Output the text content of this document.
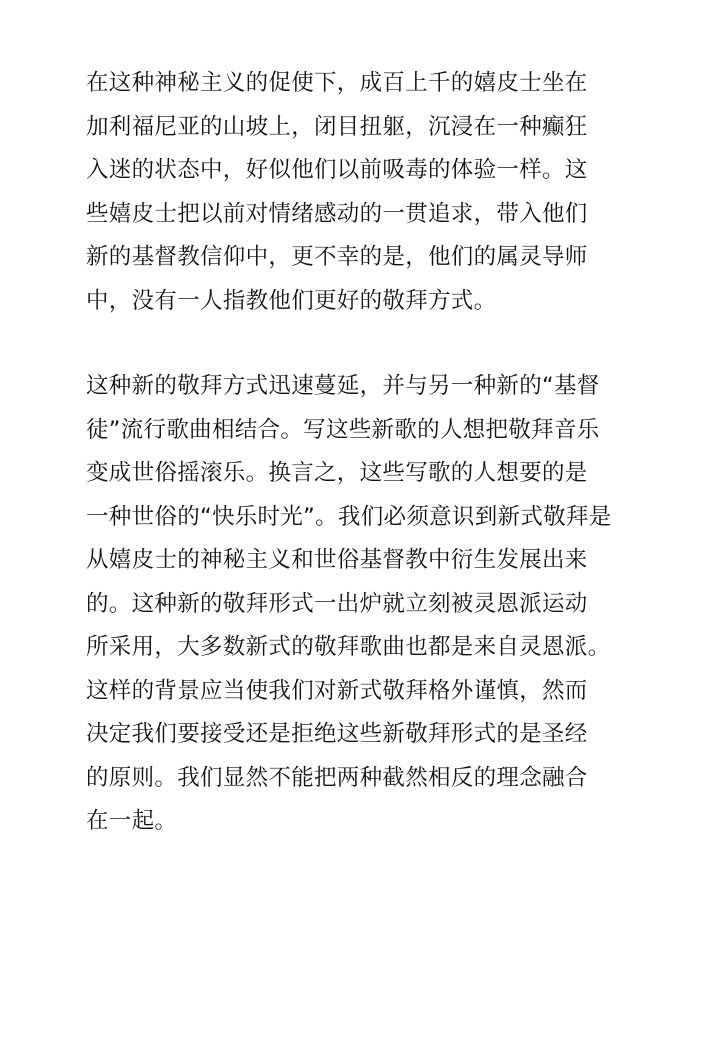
在这种神秘主义的促使下，成百上千的嬉皮士坐在
加利福尼亚的山坡上，闭目扭躯，沉浸在一种癫狂
入迷的状态中，好似他们以前吸毒的体验一样。这
些嬉皮士把以前对情绪感动的一贯追求，带入他们
新的基督教信仰中，更不幸的是，他们的属灵导师
中，没有一人指教他们更好的敬拜方式。

这种新的敬拜方式迅速蔓延，并与另一种新的“基督
徒”流行歌曲相结合。写这些新歌的人想把敬拜音乐
变成世俗摇滚乐。换言之，这些写歌的人想要的是
一种世俗的“快乐时光”。我们必须意识到新式敬拜是
从嬉皮士的神秘主义和世俗基督教中衍生发展出来
的。这种新的敬拜形式一出炉就立刻被灵恩派运动
所采用，大多数新式的敬拜歌曲也都是来自灵恩派。
这样的背景应当使我们对新式敬拜格外谨慎，然而
决定我们要接受还是拒绝这些新敬拜形式的是圣经
的原则。我们显然不能把两种截然相反的理念融合
在一起。
